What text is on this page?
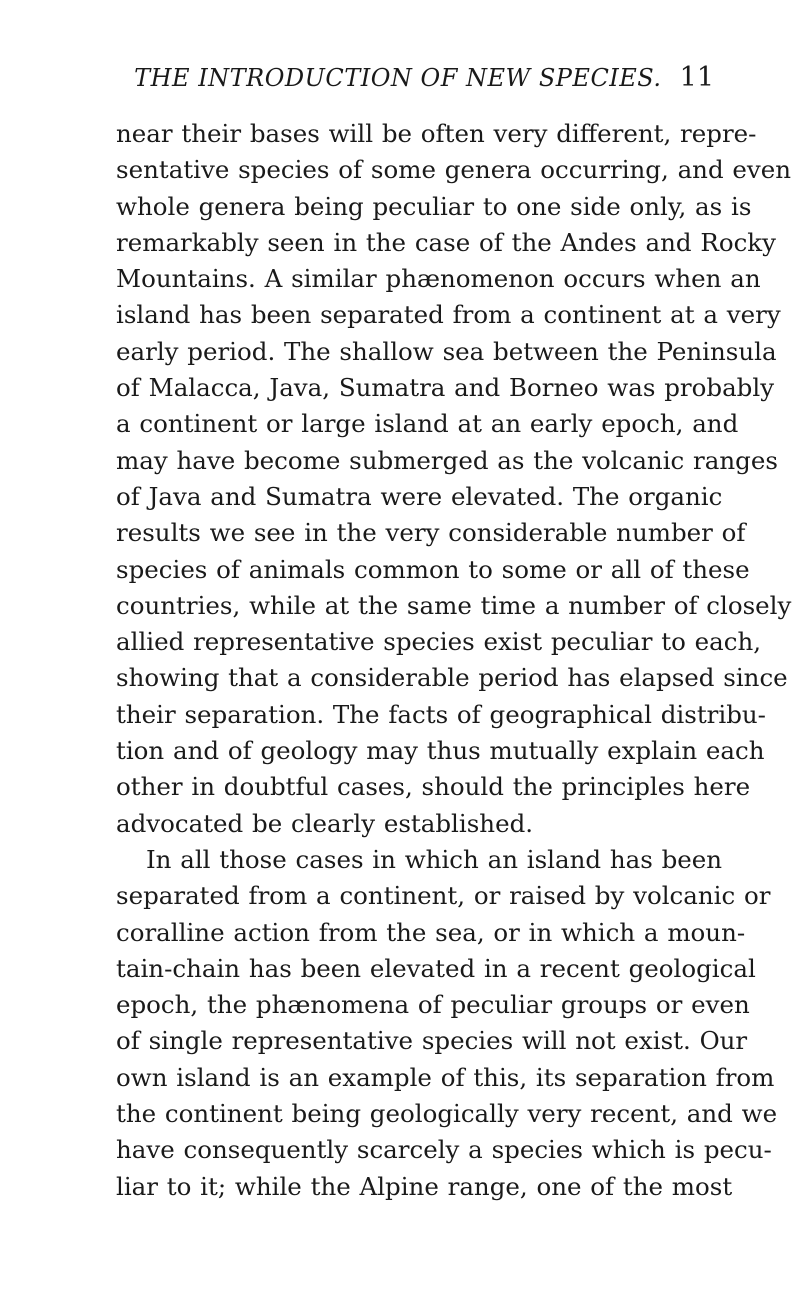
THE INTRODUCTION OF NEW SPECIES. 11
near their bases will be often very different, repre-
sentative species of some genera occurring, and even
whole genera being peculiar to one side only, as is
remarkably seen in the case of the Andes and Rocky
Mountains. A similar phænomenon occurs when an
island has been separated from a continent at a very
early period. The shallow sea between the Peninsula
of Malacca, Java, Sumatra and Borneo was probably
a continent or large island at an early epoch, and
may have become submerged as the volcanic ranges
of Java and Sumatra were elevated. The organic
results we see in the very considerable number of
species of animals common to some or all of these
countries, while at the same time a number of closely
allied representative species exist peculiar to each,
showing that a considerable period has elapsed since
their separation. The facts of geographical distribu-
tion and of geology may thus mutually explain each
other in doubtful cases, should the principles here
advocated be clearly established.
In all those cases in which an island has been
separated from a continent, or raised by volcanic or
coralline action from the sea, or in which a moun-
tain-chain has been elevated in a recent geological
epoch, the phænomena of peculiar groups or even
of single representative species will not exist. Our
own island is an example of this, its separation from
the continent being geologically very recent, and we
have consequently scarcely a species which is pecu-
liar to it; while the Alpine range, one of the most
